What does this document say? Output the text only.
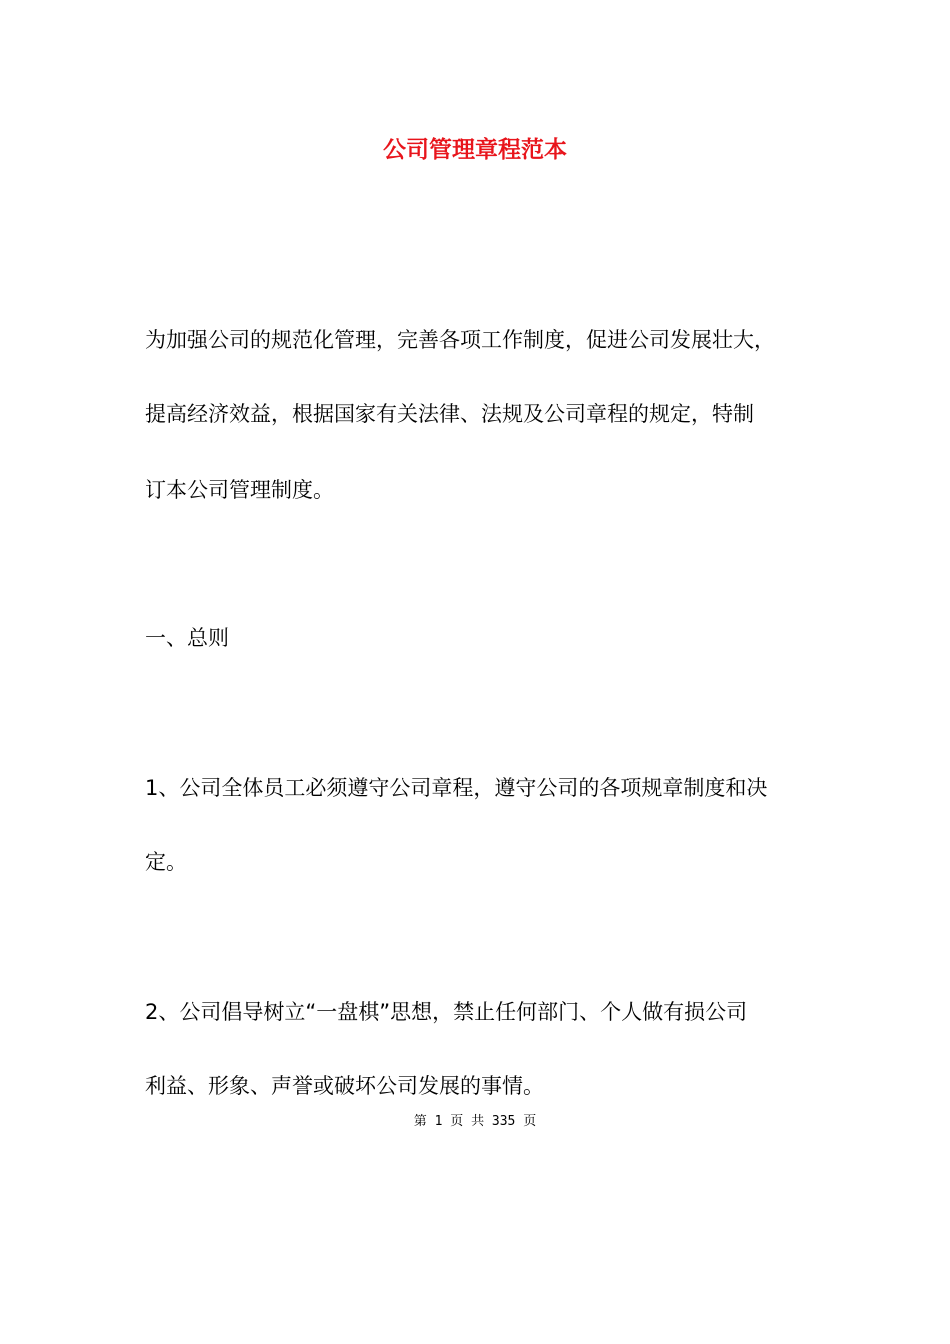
公司管理章程范本
为加强公司的规范化管理，完善各项工作制度，促进公司发展壮大，
提高经济效益，根据国家有关法律、法规及公司章程的规定，特制
订本公司管理制度。
一、总则
1、公司全体员工必须遵守公司章程，遵守公司的各项规章制度和决
定。
2、公司倡导树立“一盘棋”思想，禁止任何部门、个人做有损公司
利益、形象、声誉或破坏公司发展的事情。
第 1 页 共 335 页
